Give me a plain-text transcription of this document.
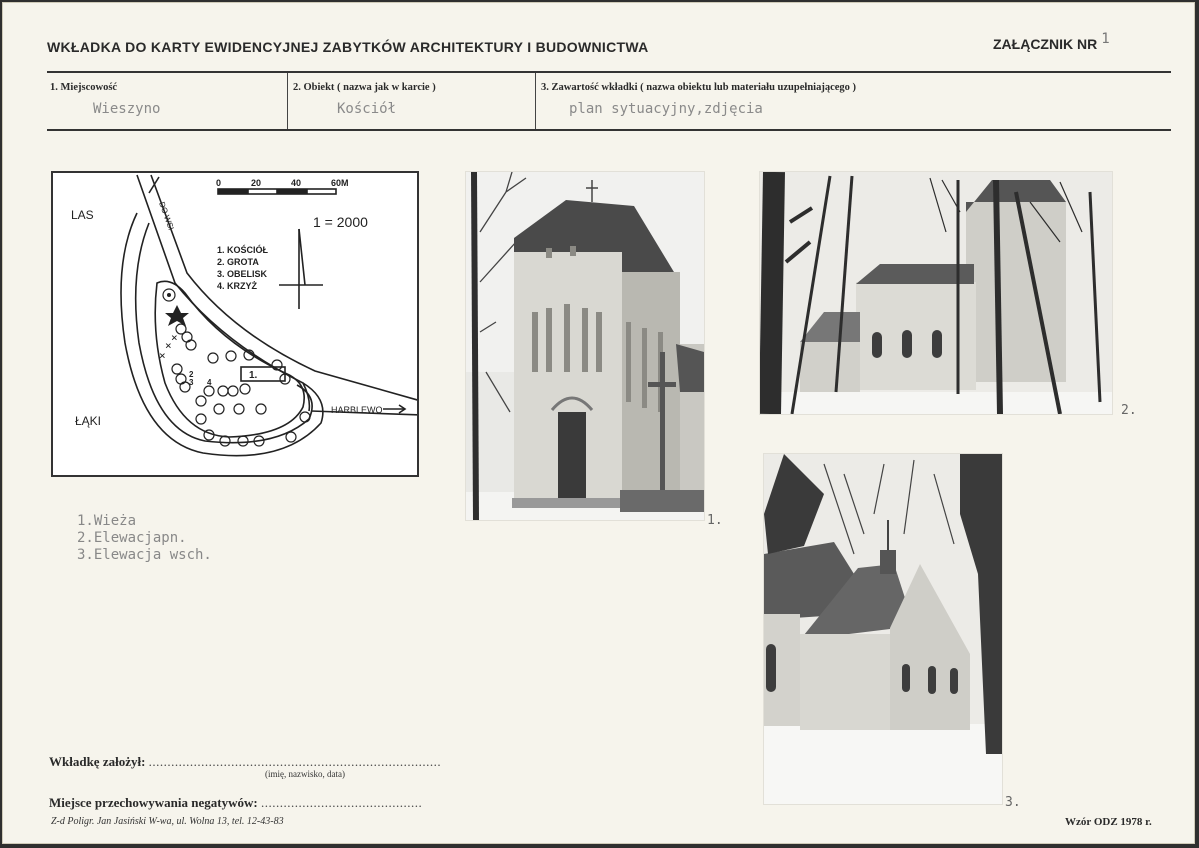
WKŁADKA DO KARTY EWIDENCYJNEJ ZABYTKÓW ARCHITEKTURY I BUDOWNICTWA	ZAŁĄCZNIK NR 1
1. Miejscowość
Wieszyno
2. Obiekt ( nazwa jak w karcie )
Kościół
3. Zawartość wkładki ( nazwa obiektu lub materiału uzupełniającego )
plan sytuacyjny,zdjęcia
×
×
×
0	20	40	60M
1 = 2000
1. KOŚCIÓŁ
2. GROTA
3. OBELISK
4. KRZYŻ
LAS
ŁĄKI
HARBLEWO
1.
2
3 4
DO WSI
1.
2.
3.
1.Wieża
2.Elewacjapn.
3.Elewacja wsch.
Wkładkę założył: ..............................................................................
(imię, nazwisko, data)
Miejsce przechowywania negatywów: ...........................................
Z-d Poligr. Jan Jasiński W-wa, ul. Wolna 13, tel. 12-43-83	Wzór ODZ 1978 r.
